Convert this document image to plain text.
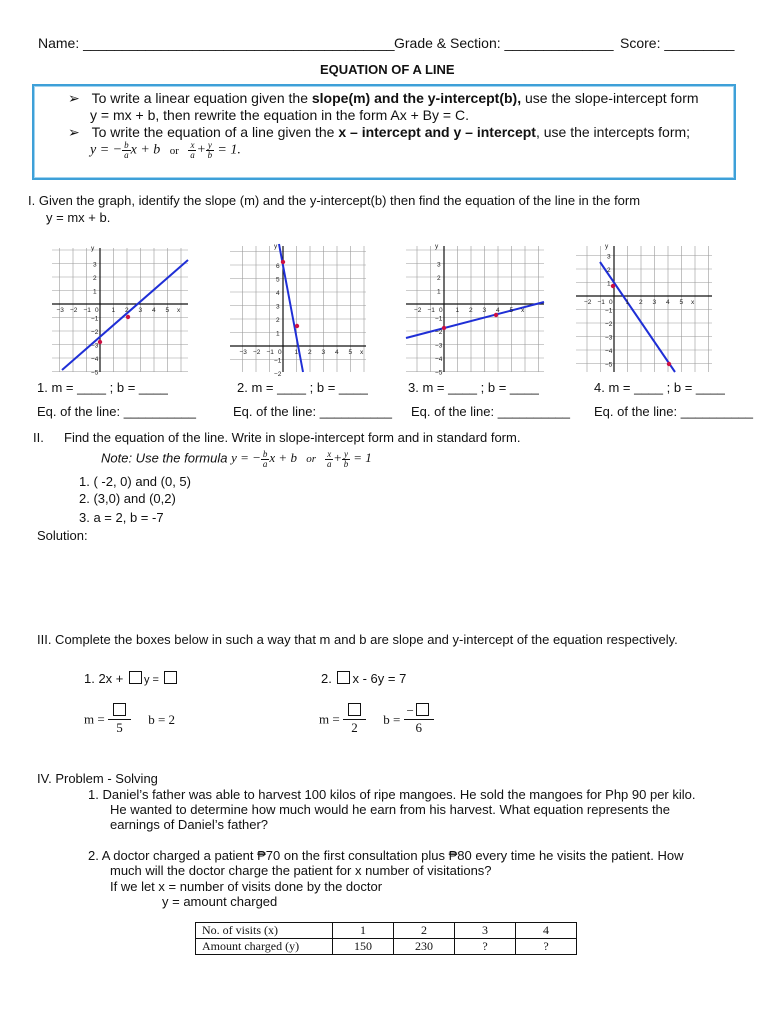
Name: ________________________________________ Grade & Section: ______________ Score: _________
EQUATION OF A LINE
➢ To write a linear equation given the slope(m) and the y-intercept(b), use the slope-intercept form
y = mx + b, then rewrite the equation in the form Ax + By = C.
➢ To write the equation of a line given the x – intercept and y – intercept, use the intercepts form;
y = − $\frac{b}{a}$ x + b or $\frac{x}{a} + \frac{y}{b} = 1$.
I. Given the graph, identify the slope (m) and the y-intercept(b) then find the equation of the line in the form
y = mx + b.
−3 −2 −1 0 1 2 3 4 5 x
3
2
1
−1
−2
−3
−4
−5
y
−3 −2 −1 0 1 2 3 4 5 x
6
5
4
3
2
1
−1
−2
y
−2 −1 0 1 2 3 4 5 x
3
2
1
−1
−2
−3
−4
−5
y
−2 −1 0 1 2 3 4 5 x
3
2
1
−1
−2
−3
−4
−5
y
1. m = ____ ; b = ____	2. m = ____ ; b = ____	3. m = ____ ; b = ____	4. m = ____ ; b = ____
Eq. of the line: __________	Eq. of the line: __________ Eq. of the line: __________ Eq. of the line: __________
II. Find the equation of the line. Write in slope-intercept form and in standard form.
Note: Use the formula y = − $\frac{b}{a}$ x + b or $\frac{x}{a} + \frac{y}{b} = 1$
1. ( -2, 0) and (0, 5)
2. (3,0) and (0,2)
3. a = 2, b = -7
Solution:
III. Complete the boxes below in such a way that m and b are slope and y-intercept of the equation respectively.
1. 2x + y =	2. x - 6y = 7
m =
5
b = 2	m =
2
$b = \frac{-}{6}$
IV. Problem - Solving
1. Daniel’s father was able to harvest 100 kilos of ripe mangoes. He sold the mangoes for Php 90 per kilo.
He wanted to determine how much would he earn from his harvest. What equation represents the
earnings of Daniel’s father?
2. A doctor charged a patient ₱70 on the first consultation plus ₱80 every time he visits the patient. How
much will the doctor charge the patient for x number of visitations?
If we let x = number of visits done by the doctor
y = amount charged
No. of visits (x)	1	2	3	4
Amount charged (y)	150	230	?	?
